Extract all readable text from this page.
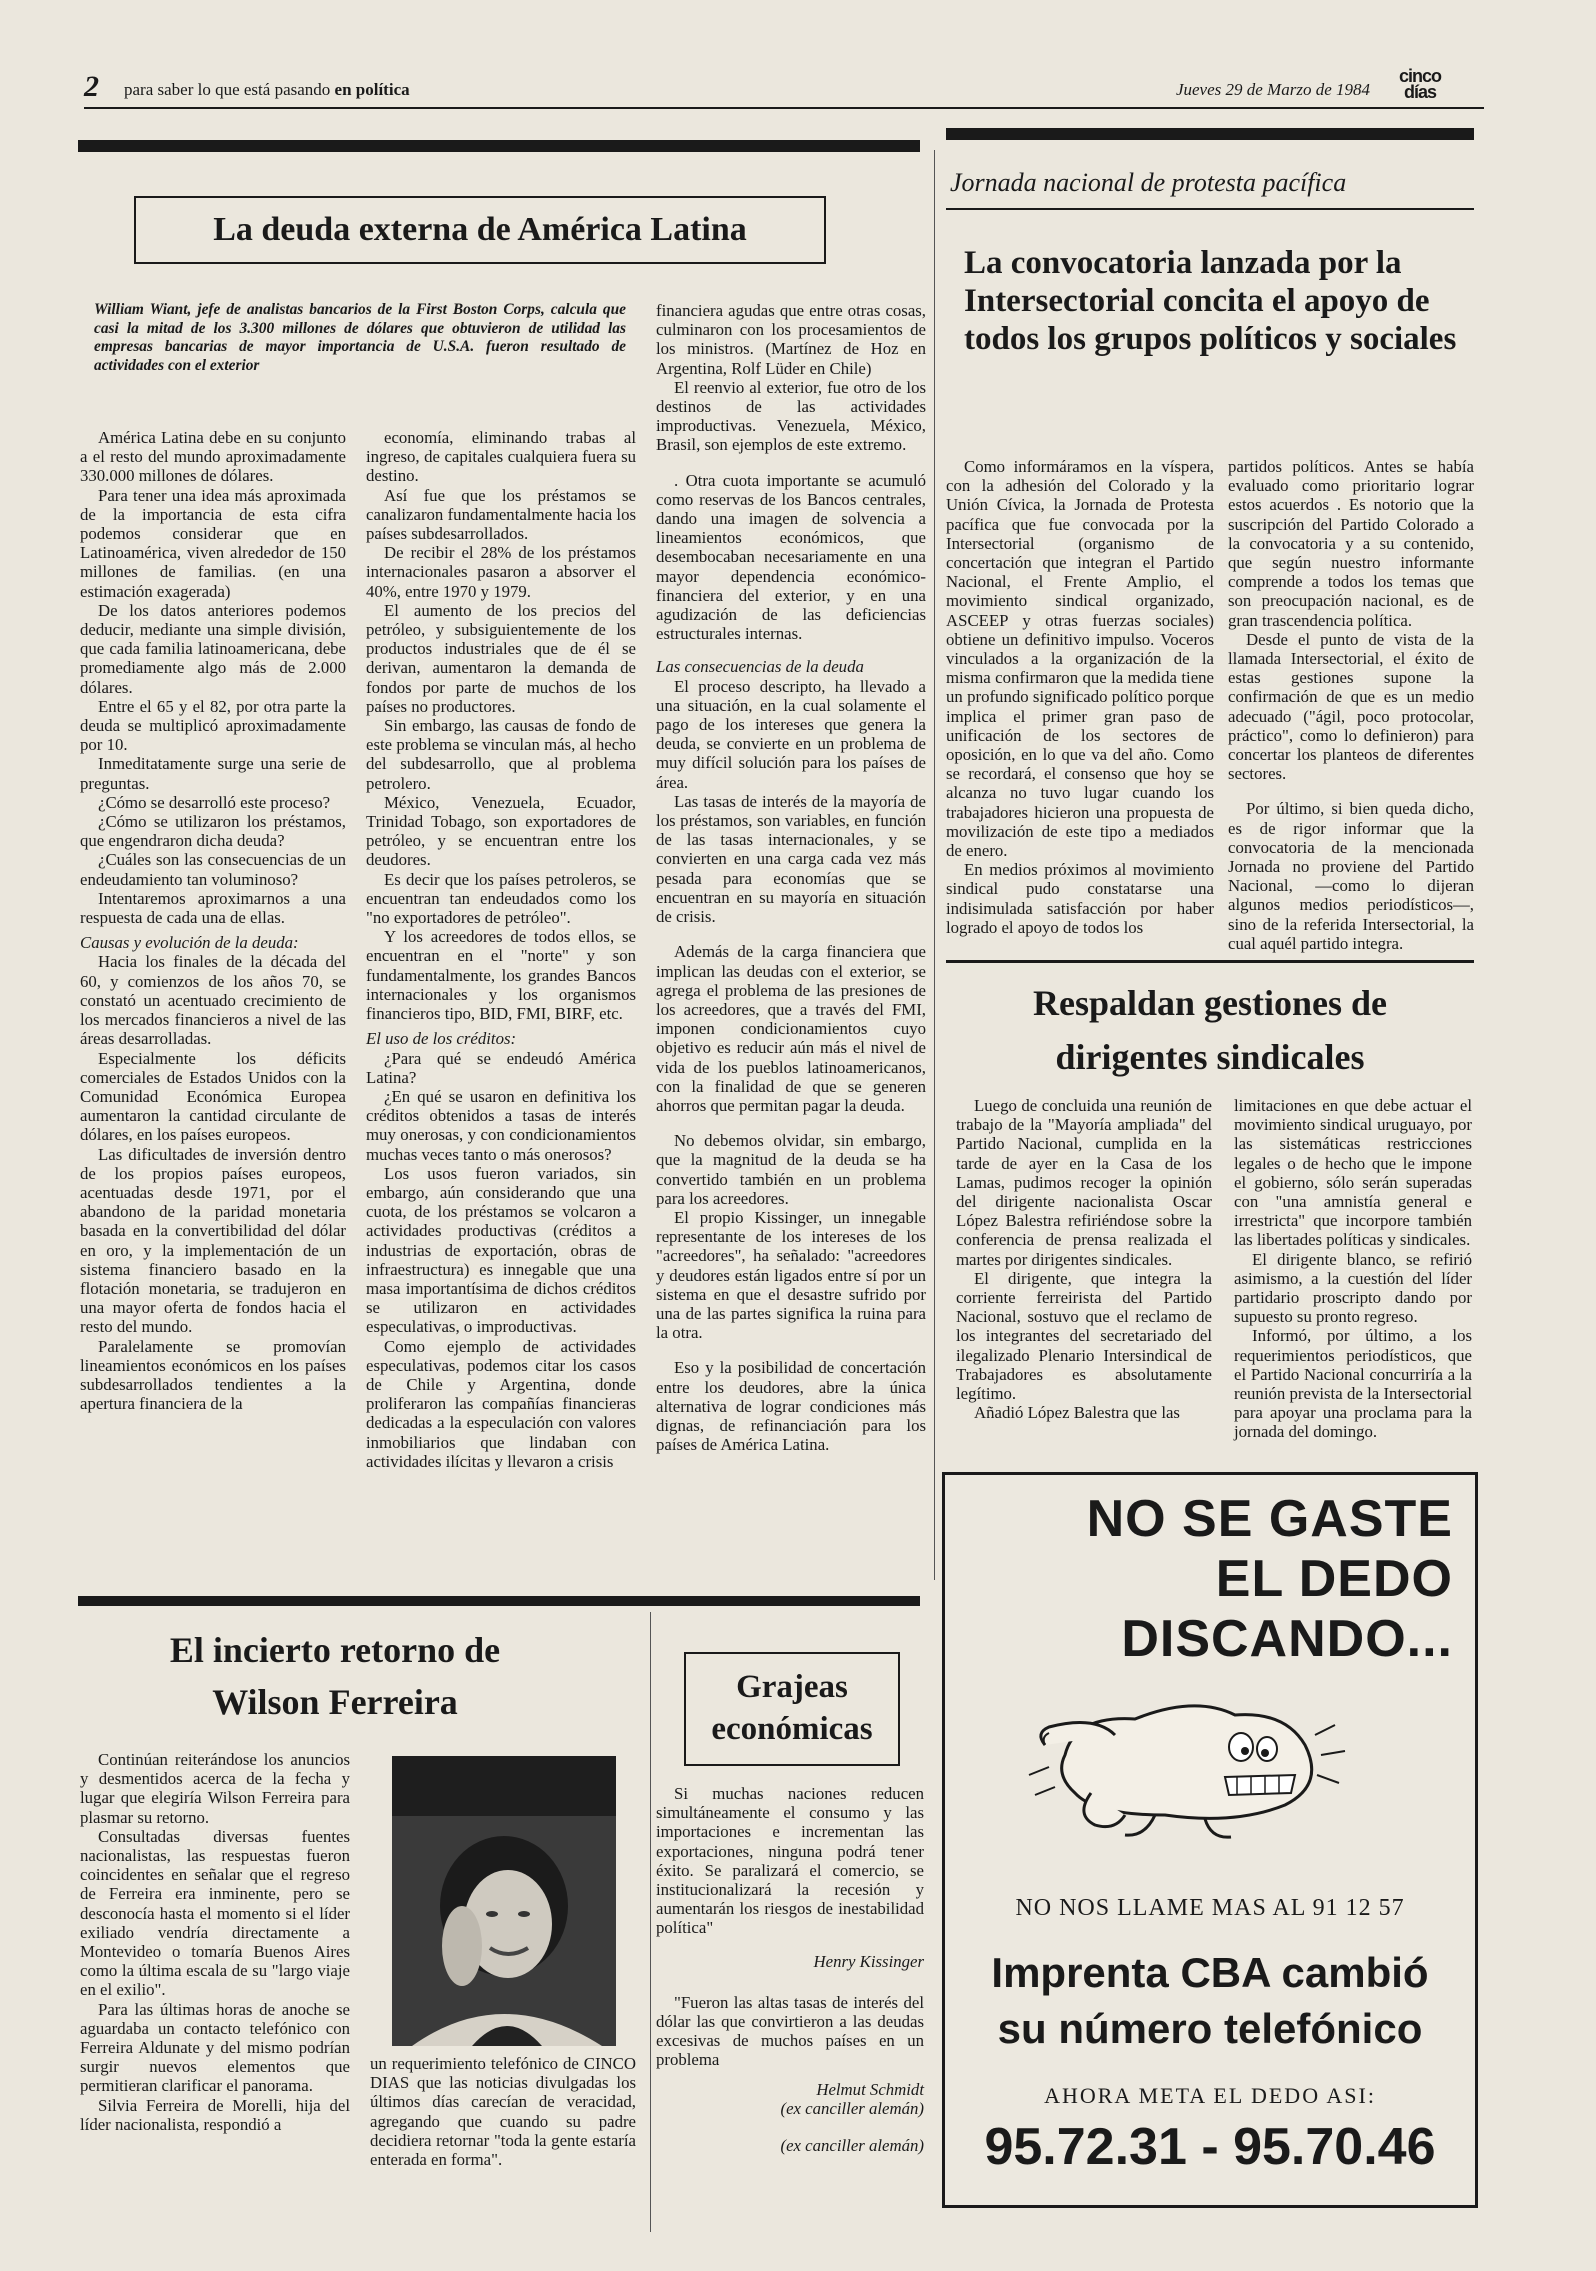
2 para saber lo que está pasando en política	Jueves 29 de Marzo de 1984
cinco
días
La deuda externa de América Latina
William Wiant, jefe de analistas bancarios de la First Boston Corps, calcula que casi la mitad de los 3.300 millones de dólares que obtuvieron de utilidad las empresas bancarias de mayor importancia de U.S.A. fueron resultado de actividades con el exterior

América Latina debe en su conjunto a el resto del mundo aproximadamente 330.000 millones de dólares.

Para tener una idea más aproximada de la importancia de esta cifra podemos considerar que en Latinoamérica, viven alrededor de 150 millones de familias. (en una estimación exagerada)

De los datos anteriores podemos deducir, mediante una simple división, que cada familia latinoamericana, debe promediamente algo más de 2.000 dólares.

Entre el 65 y el 82, por otra parte la deuda se multiplicó aproximadamente por 10.

Inmeditatamente surge una serie de preguntas.

¿Cómo se desarrolló este proceso?

¿Cómo se utilizaron los préstamos, que engendraron dicha deuda?

¿Cuáles son las consecuencias de un endeudamiento tan voluminoso?

Intentaremos aproximarnos a una respuesta de cada una de ellas.

Causas y evolución de la deuda:

Hacia los finales de la década del 60, y comienzos de los años 70, se constató un acentuado crecimiento de los mercados financieros a nivel de las áreas desarrolladas.

Especialmente los déficits comerciales de Estados Unidos con la Comunidad Económica Europea aumentaron la cantidad circulante de dólares, en los países europeos.

Las dificultades de inversión dentro de los propios países europeos, acentuadas desde 1971, por el abandono de la paridad monetaria basada en la convertibilidad del dólar en oro, y la implementación de un sistema financiero basado en la flotación monetaria, se tradujeron en una mayor oferta de fondos hacia el resto del mundo.

Paralelamente se promovían lineamientos económicos en los países subdesarrollados tendientes a la apertura financiera de la

economía, eliminando trabas al ingreso, de capitales cualquiera fuera su destino.

Así fue que los préstamos se canalizaron fundamentalmente hacia los países subdesarrollados.

De recibir el 28% de los préstamos internacionales pasaron a absorver el 40%, entre 1970 y 1979.

El aumento de los precios del petróleo, y subsiguientemente de los productos industriales que de él se derivan, aumentaron la demanda de fondos por parte de muchos de los países no productores.

Sin embargo, las causas de fondo de este problema se vinculan más, al hecho del subdesarrollo, que al problema petrolero.

México, Venezuela, Ecuador, Trinidad Tobago, son exportadores de petróleo, y se encuentran entre los deudores.

Es decir que los países petroleros, se encuentran tan endeudados como los "no exportadores de petróleo".

Y los acreedores de todos ellos, se encuentran en el "norte" y son fundamentalmente, los grandes Bancos internacionales y los organismos financieros tipo, BID, FMI, BIRF, etc.

El uso de los créditos:

¿Para qué se endeudó América Latina?

¿En qué se usaron en definitiva los créditos obtenidos a tasas de interés muy onerosas, y con condicionamientos muchas veces tanto o más onerosos?

Los usos fueron variados, sin embargo, aún considerando que una cuota, de los préstamos se volcaron a actividades productivas (créditos a industrias de exportación, obras de infraestructura) es innegable que una masa importantísima de dichos créditos se utilizaron en actividades especulativas, o improductivas.

Como ejemplo de actividades especulativas, podemos citar los casos de Chile y Argentina, donde proliferaron las compañías financieras dedicadas a la especulación con valores inmobiliarios que lindaban con actividades ilícitas y llevaron a crisis

financiera agudas que entre otras cosas, culminaron con los procesamientos de los ministros. (Martínez de Hoz en Argentina, Rolf Lüder en Chile)

El reenvio al exterior, fue otro de los destinos de las actividades improductivas. Venezuela, México, Brasil, son ejemplos de este extremo.

. Otra cuota importante se acumuló como reservas de los Bancos centrales, dando una imagen de solvencia a lineamientos económicos, que desembocaban necesariamente en una mayor dependencia económico-financiera del exterior, y en una agudización de las deficiencias estructurales internas.

Las consecuencias de la deuda

El proceso descripto, ha llevado a una situación, en la cual solamente el pago de los intereses que genera la deuda, se convierte en un problema de muy difícil solución para los países de área.

Las tasas de interés de la mayoría de los préstamos, son variables, en función de las tasas internacionales, y se convierten en una carga cada vez más pesada para economías que se encuentran en su mayoría en situación de crisis.

Además de la carga financiera que implican las deudas con el exterior, se agrega el problema de las presiones de los acreedores, que a través del FMI, imponen condicionamientos cuyo objetivo es reducir aún más el nivel de vida de los pueblos latinoamericanos, con la finalidad de que se generen ahorros que permitan pagar la deuda.

No debemos olvidar, sin embargo, que la magnitud de la deuda se ha convertido también en un problema para los acreedores.

El propio Kissinger, un innegable representante de los intereses de los "acreedores", ha señalado: "acreedores y deudores están ligados entre sí por un sistema en que el desastre sufrido por una de las partes significa la ruina para la otra.

Eso y la posibilidad de concertación entre los deudores, abre la única alternativa de lograr condiciones más dignas, de refinanciación para los países de América Latina.

Jornada nacional de protesta pacífica
La convocatoria lanzada por la Intersectorial concita el apoyo de todos los grupos políticos y sociales

Como informáramos en la víspera, con la adhesión del Colorado y la Unión Cívica, la Jornada de Protesta pacífica que fue convocada por la Intersectorial (organismo de concertación que integran el Partido Nacional, el Frente Amplio, el movimiento sindical organizado, ASCEEP y otras fuerzas sociales) obtiene un definitivo impulso. Voceros vinculados a la organización de la misma confirmaron que la medida tiene un profundo significado político porque implica el primer gran paso de unificación de los sectores de oposición, en lo que va del año. Como se recordará, el consenso que hoy se alcanza no tuvo lugar cuando los trabajadores hicieron una propuesta de movilización de este tipo a mediados de enero.

En medios próximos al movimiento sindical pudo constatarse una indisimulada satisfacción por haber logrado el apoyo de todos los

partidos políticos. Antes se había evaluado como prioritario lograr estos acuerdos . Es notorio que la suscripción del Partido Colorado a la convocatoria y a su contenido, que según nuestro informante comprende a todos los temas que son preocupación nacional, es de gran trascendencia política.

Desde el punto de vista de la llamada Intersectorial, el éxito de estas gestiones supone la confirmación de que es un medio adecuado ("ágil, poco protocolar, práctico", como lo definieron) para concertar los planteos de diferentes sectores.

Por último, si bien queda dicho, es de rigor informar que la convocatoria de la mencionada Jornada no proviene del Partido Nacional, —como lo dijeran algunos medios periodísticos—, sino de la referida Intersectorial, la cual aquél partido integra.

Respaldan gestiones de dirigentes sindicales

Luego de concluida una reunión de trabajo de la "Mayoría ampliada" del Partido Nacional, cumplida en la tarde de ayer en la Casa de los Lamas, pudimos recoger la opinión del dirigente nacionalista Oscar López Balestra refiriéndose sobre la conferencia de prensa realizada el martes por dirigentes sindicales.

El dirigente, que integra la corriente ferreirista del Partido Nacional, sostuvo que el reclamo de los integrantes del secretariado del ilegalizado Plenario Intersindical de Trabajadores es absolutamente legítimo.

Añadió López Balestra que las

limitaciones en que debe actuar el movimiento sindical uruguayo, por las sistemáticas restricciones legales o de hecho que le impone el gobierno, sólo serán superadas con "una amnistía general e irrestricta" que incorpore también las libertades políticas y sindicales.

El dirigente blanco, se refirió asimismo, a la cuestión del líder partidario proscripto dando por supuesto su pronto regreso.

Informó, por último, a los requerimientos periodísticos, que el Partido Nacional concurriría a la reunión prevista de la Intersectorial para apoyar una proclama para la jornada del domingo.

El incierto retorno de
Wilson Ferreira

Continúan reiterándose los anuncios y desmentidos acerca de la fecha y lugar que elegiría Wilson Ferreira para plasmar su retorno.

Consultadas diversas fuentes nacionalistas, las respuestas fueron coincidentes en señalar que el regreso de Ferreira era inminente, pero se desconocía hasta el momento si el líder exiliado vendría directamente a Montevideo o tomaría Buenos Aires como la última escala de su "largo viaje en el exilio".

Para las últimas horas de anoche se aguardaba un contacto telefónico con Ferreira Aldunate y del mismo podrían surgir nuevos elementos que permitieran clarificar el panorama.

Silvia Ferreira de Morelli, hija del líder nacionalista, respondió a

un requerimiento telefónico de CINCO DIAS que las noticias divulgadas los últimos días carecían de veracidad, agregando que cuando su padre decidiera retornar "toda la gente estaría enterada en forma".

Grajeas
económicas

Si muchas naciones reducen simultáneamente el consumo y las importaciones e incrementan las exportaciones, ninguna podrá tener éxito. Se paralizará el comercio, se institucionalizará la recesión y aumentarán los riesgos de inestabilidad política"

Henry Kissinger

"Fueron las altas tasas de interés del dólar las que convirtieron a las deudas excesivas de muchos países en un problema

Helmut Schmidt

(ex canciller alemán)

(ex canciller alemán)

NO SE GASTE
EL DEDO
DISCANDO...
NO NOS LLAME MAS AL 91 12 57
Imprenta CBA cambió
su número telefónico
AHORA META EL DEDO ASI:
95.72.31 - 95.70.46
